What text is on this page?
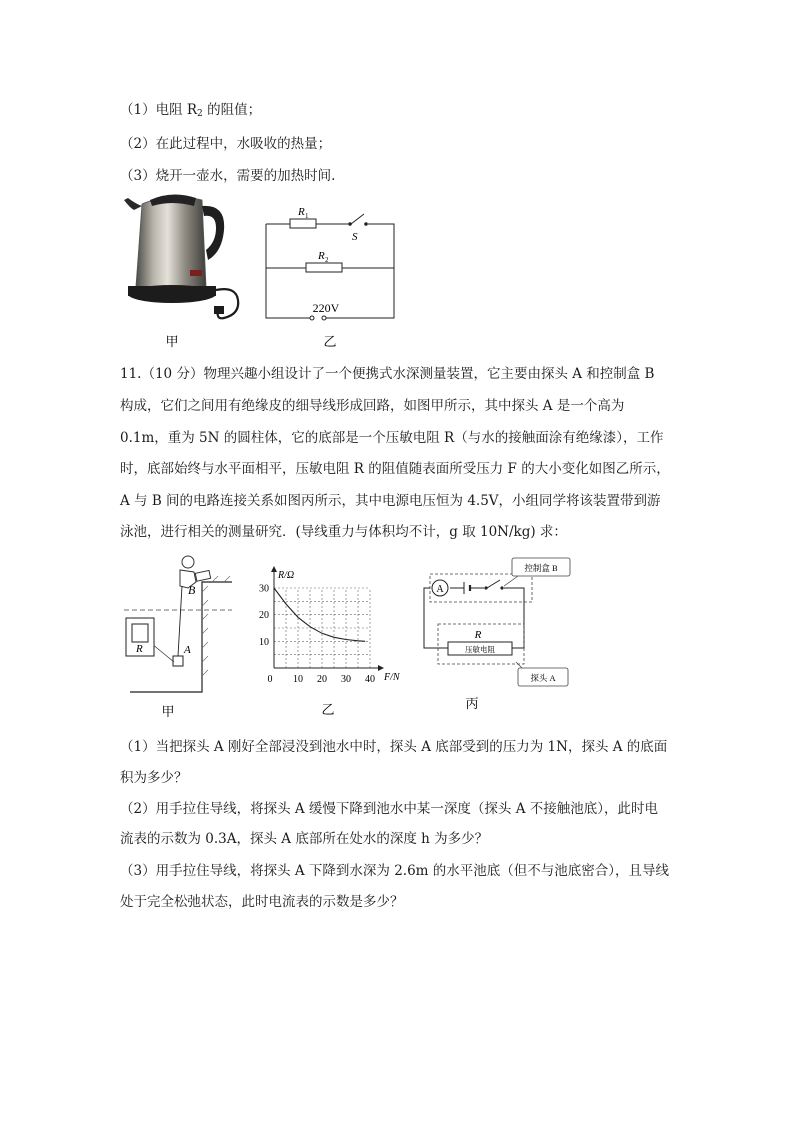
（1）电阻 $R_2$ 的阻值；
（2）在此过程中，水吸收的热量；
（3）烧开一壶水，需要的加热时间.
甲
R 1
S
R 2
220V
乙
11.（10 分）物理兴趣小组设计了一个便携式水深测量装置，它主要由探头 A 和控制盒 B
构成，它们之间用有绝缘皮的细导线形成回路，如图甲所示，其中探头 A 是一个高为
0.1m，重为 5N 的圆柱体，它的底部是一个压敏电阻 R（与水的接触面涂有绝缘漆），工作
时，底部始终与水平面相平，压敏电阻 R 的阻值随表面所受压力 F 的大小变化如图乙所示，
A 与 B 间的电路连接关系如图丙所示，其中电源电压恒为 4.5V，小组同学将该装置带到游
泳池，进行相关的测量研究．(导线重力与体积均不计，g 取 10N/kg) 求：
B
R	A
甲
R/Ω
F/N
0 10 20 30 40
10
20
30
乙
控制盒 B
A
R
压敏电阻
探头 A
丙
（1）当把探头 A 刚好全部浸没到池水中时，探头 A 底部受到的压力为 1N，探头 A 的底面
积为多少？
（2）用手拉住导线，将探头 A 缓慢下降到池水中某一深度（探头 A 不接触池底），此时电
流表的示数为 0.3A，探头 A 底部所在处水的深度 h 为多少？
（3）用手拉住导线，将探头 A 下降到水深为 2.6m 的水平池底（但不与池底密合），且导线
处于完全松弛状态，此时电流表的示数是多少？
